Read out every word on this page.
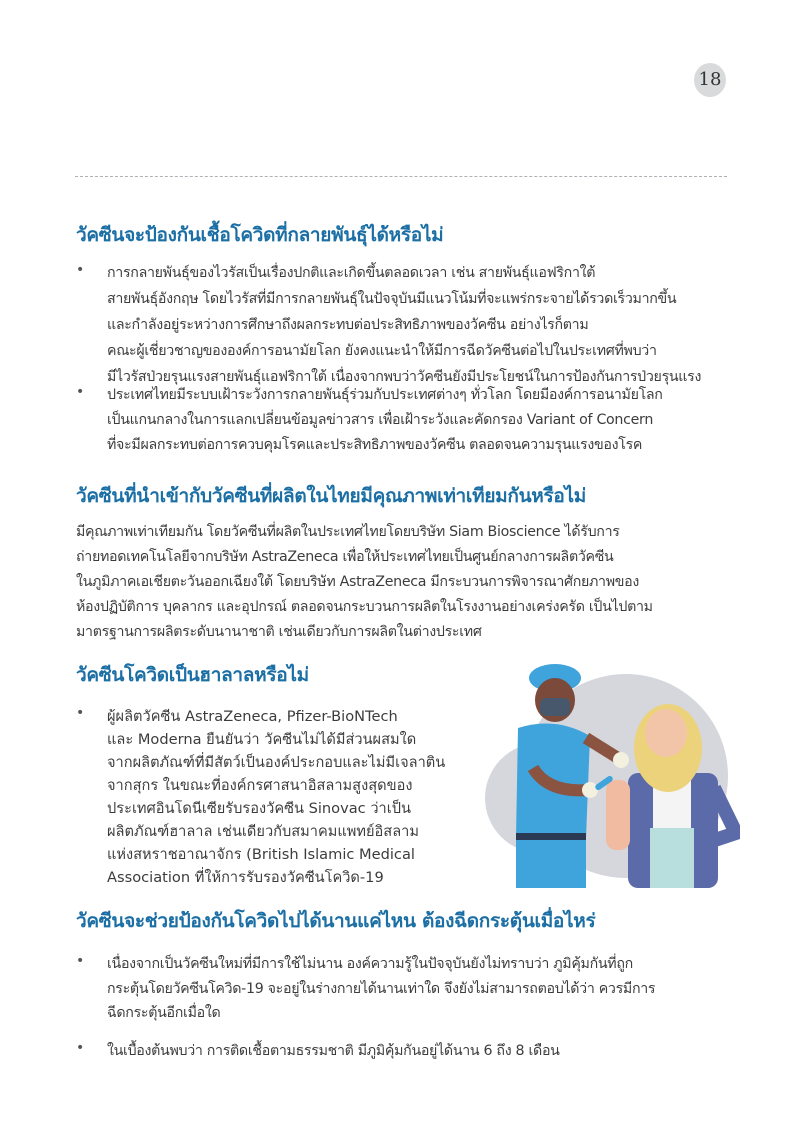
18
วัคซีนจะป้องกันเชื้อโควิดที่กลายพันธุ์ได้หรือไม่
• การกลายพันธุ์ของไวรัสเป็นเรื่องปกติและเกิดขึ้นตลอดเวลา เช่น สายพันธุ์แอฟริกาใต้
สายพันธุ์อังกฤษ โดยไวรัสที่มีการกลายพันธุ์ในปัจจุบันมีแนวโน้มที่จะแพร่กระจายได้รวดเร็วมากขึ้น
และกำลังอยู่ระหว่างการศึกษาถึงผลกระทบต่อประสิทธิภาพของวัคซีน อย่างไรก็ตาม
คณะผู้เชี่ยวชาญขององค์การอนามัยโลก ยังคงแนะนำให้มีการฉีดวัคซีนต่อไปในประเทศที่พบว่า
มีไวรัสป่วยรุนแรงสายพันธุ์แอฟริกาใต้ เนื่องจากพบว่าวัคซีนยังมีประโยชน์ในการป้องกันการป่วยรุนแรง
• ประเทศไทยมีระบบเฝ้าระวังการกลายพันธุ์ร่วมกับประเทศต่างๆ ทั่วโลก โดยมีองค์การอนามัยโลก
เป็นแกนกลางในการแลกเปลี่ยนข้อมูลข่าวสาร เพื่อเฝ้าระวังและคัดกรอง Variant of Concern
ที่จะมีผลกระทบต่อการควบคุมโรคและประสิทธิภาพของวัคซีน ตลอดจนความรุนแรงของโรค
วัคซีนที่นำเข้ากับวัคซีนที่ผลิตในไทยมีคุณภาพเท่าเทียมกันหรือไม่
มีคุณภาพเท่าเทียมกัน โดยวัคซีนที่ผลิตในประเทศไทยโดยบริษัท Siam Bioscience ได้รับการ
ถ่ายทอดเทคโนโลยีจากบริษัท AstraZeneca เพื่อให้ประเทศไทยเป็นศูนย์กลางการผลิตวัคซีน
ในภูมิภาคเอเชียตะวันออกเฉียงใต้ โดยบริษัท AstraZeneca มีกระบวนการพิจารณาศักยภาพของ
ห้องปฏิบัติการ บุคลากร และอุปกรณ์ ตลอดจนกระบวนการผลิตในโรงงานอย่างเคร่งครัด เป็นไปตาม
มาตรฐานการผลิตระดับนานาชาติ เช่นเดียวกับการผลิตในต่างประเทศ
วัคซีนโควิดเป็นฮาลาลหรือไม่
• ผู้ผลิตวัคซีน AstraZeneca, Pfizer-BioNTech
และ Moderna ยืนยันว่า วัคซีนไม่ได้มีส่วนผสมใด
จากผลิตภัณฑ์ที่มีสัตว์เป็นองค์ประกอบและไม่มีเจลาติน
จากสุกร ในขณะที่องค์กรศาสนาอิสลามสูงสุดของ
ประเทศอินโดนีเซียรับรองวัคซีน Sinovac ว่าเป็น
ผลิตภัณฑ์ฮาลาล เช่นเดียวกับสมาคมแพทย์อิสลาม
แห่งสหราชอาณาจักร (British Islamic Medical
Association ที่ให้การรับรองวัคซีนโควิด-19
วัคซีนจะช่วยป้องกันโควิดไปได้นานแค่ไหน ต้องฉีดกระตุ้นเมื่อไหร่
• เนื่องจากเป็นวัคซีนใหม่ที่มีการใช้ไม่นาน องค์ความรู้ในปัจจุบันยังไม่ทราบว่า ภูมิคุ้มกันที่ถูก
กระตุ้นโดยวัคซีนโควิด-19 จะอยู่ในร่างกายได้นานเท่าใด จึงยังไม่สามารถตอบได้ว่า ควรมีการ
ฉีดกระตุ้นอีกเมื่อใด
• ในเบื้องต้นพบว่า การติดเชื้อตามธรรมชาติ มีภูมิคุ้มกันอยู่ได้นาน 6 ถึง 8 เดือน
